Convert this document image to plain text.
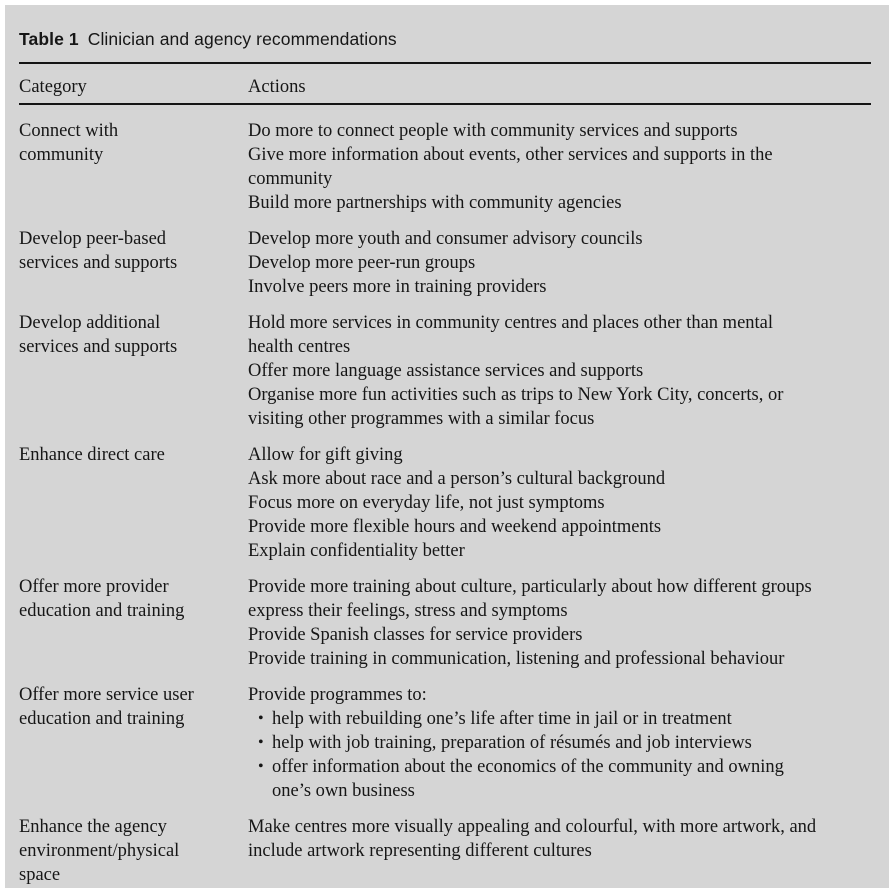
Table 1 Clinician and agency recommendations
Category	Actions
Connect with
community
Do more to connect people with community services and supports
Give more information about events, other services and supports in the
community
Build more partnerships with community agencies
Develop peer-based
services and supports
Develop more youth and consumer advisory councils
Develop more peer-run groups
Involve peers more in training providers
Develop additional
services and supports
Hold more services in community centres and places other than mental
health centres
Offer more language assistance services and supports
Organise more fun activities such as trips to New York City, concerts, or
visiting other programmes with a similar focus
Enhance direct care	Allow for gift giving
Ask more about race and a person’s cultural background
Focus more on everyday life, not just symptoms
Provide more flexible hours and weekend appointments
Explain confidentiality better
Offer more provider
education and training
Provide more training about culture, particularly about how different groups
express their feelings, stress and symptoms
Provide Spanish classes for service providers
Provide training in communication, listening and professional behaviour
Offer more service user
education and training
Provide programmes to:
• help with rebuilding one’s life after time in jail or in treatment
• help with job training, preparation of résumés and job interviews
• offer information about the economics of the community and owning
one’s own business
Enhance the agency
environment/physical
space
Make centres more visually appealing and colourful, with more artwork, and
include artwork representing different cultures
